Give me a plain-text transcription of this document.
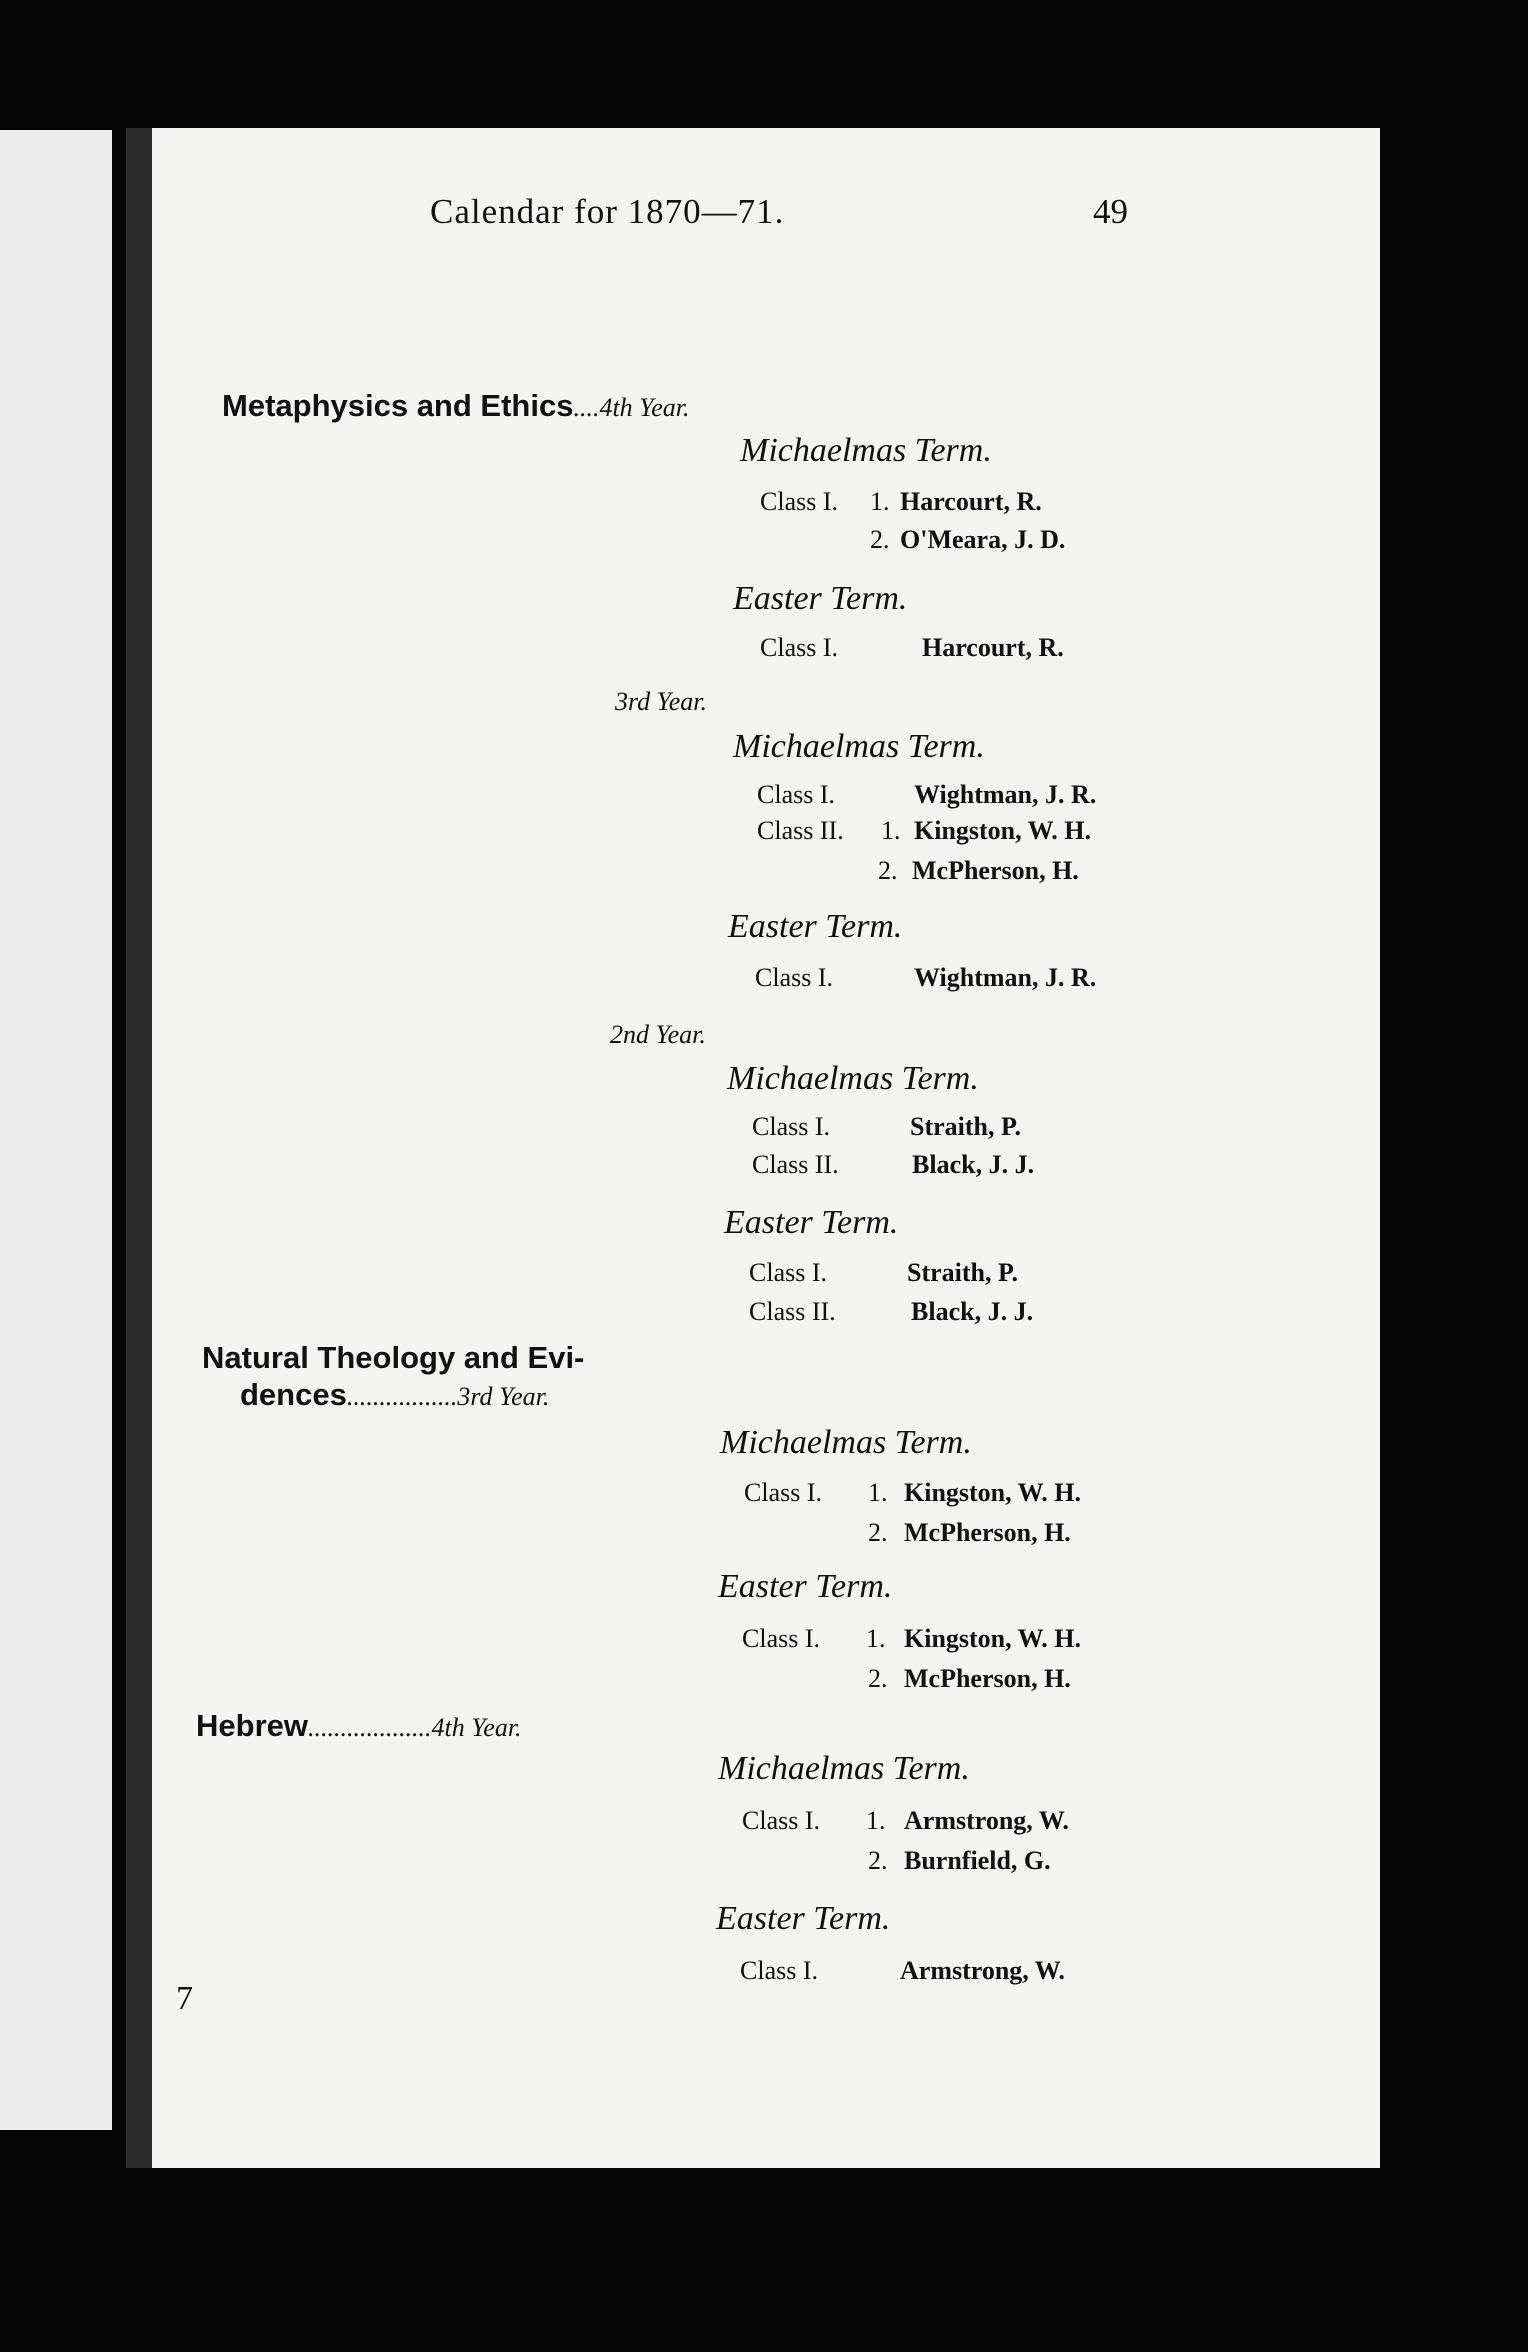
Calendar for 1870—71.	49
Metaphysics and Ethics....4th Year.
Michaelmas Term.
Class I. 1. Harcourt, R.
2. O'Meara, J. D.
Easter Term.
Class I.	Harcourt, R.
3rd Year.
Michaelmas Term.
Class I.	Wightman, J. R.
Class II. 1. Kingston, W. H.
2. McPherson, H.
Easter Term.
Class I.	Wightman, J. R.
2nd Year.
Michaelmas Term.
Class I.	Straith, P.
Class II.	Black, J. J.
Easter Term.
Class I.	Straith, P.
Class II.	Black, J. J.
Natural Theology and Evi-
dences.................3rd Year.
Michaelmas Term.
Class I. 1. Kingston, W. H.
2. McPherson, H.
Easter Term.
Class I. 1. Kingston, W. H.
2. McPherson, H.
Hebrew...................4th Year.
Michaelmas Term.
Class I. 1. Armstrong, W.
2. Burnfield, G.
Easter Term.
Class I.	Armstrong, W.
7
